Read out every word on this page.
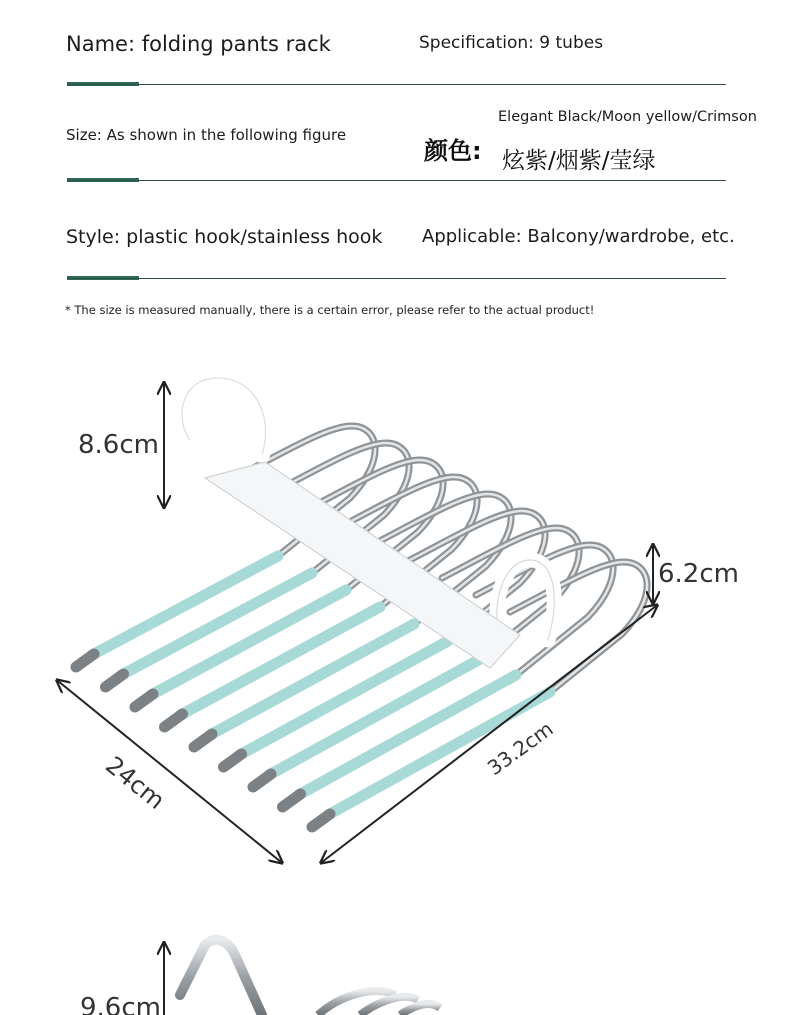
Name: folding pants rack	Specification: 9 tubes
Size: As shown in the following figure
Elegant Black/Moon yellow/Crimson
颜色: 炫紫/烟紫/莹绿
Style: plastic hook/stainless hook Applicable: Balcony/wardrobe, etc.
* The size is measured manually, there is a certain error, please refer to the actual product!
8.6cm
6.2cm
24cm
33.2cm
9.6cm
